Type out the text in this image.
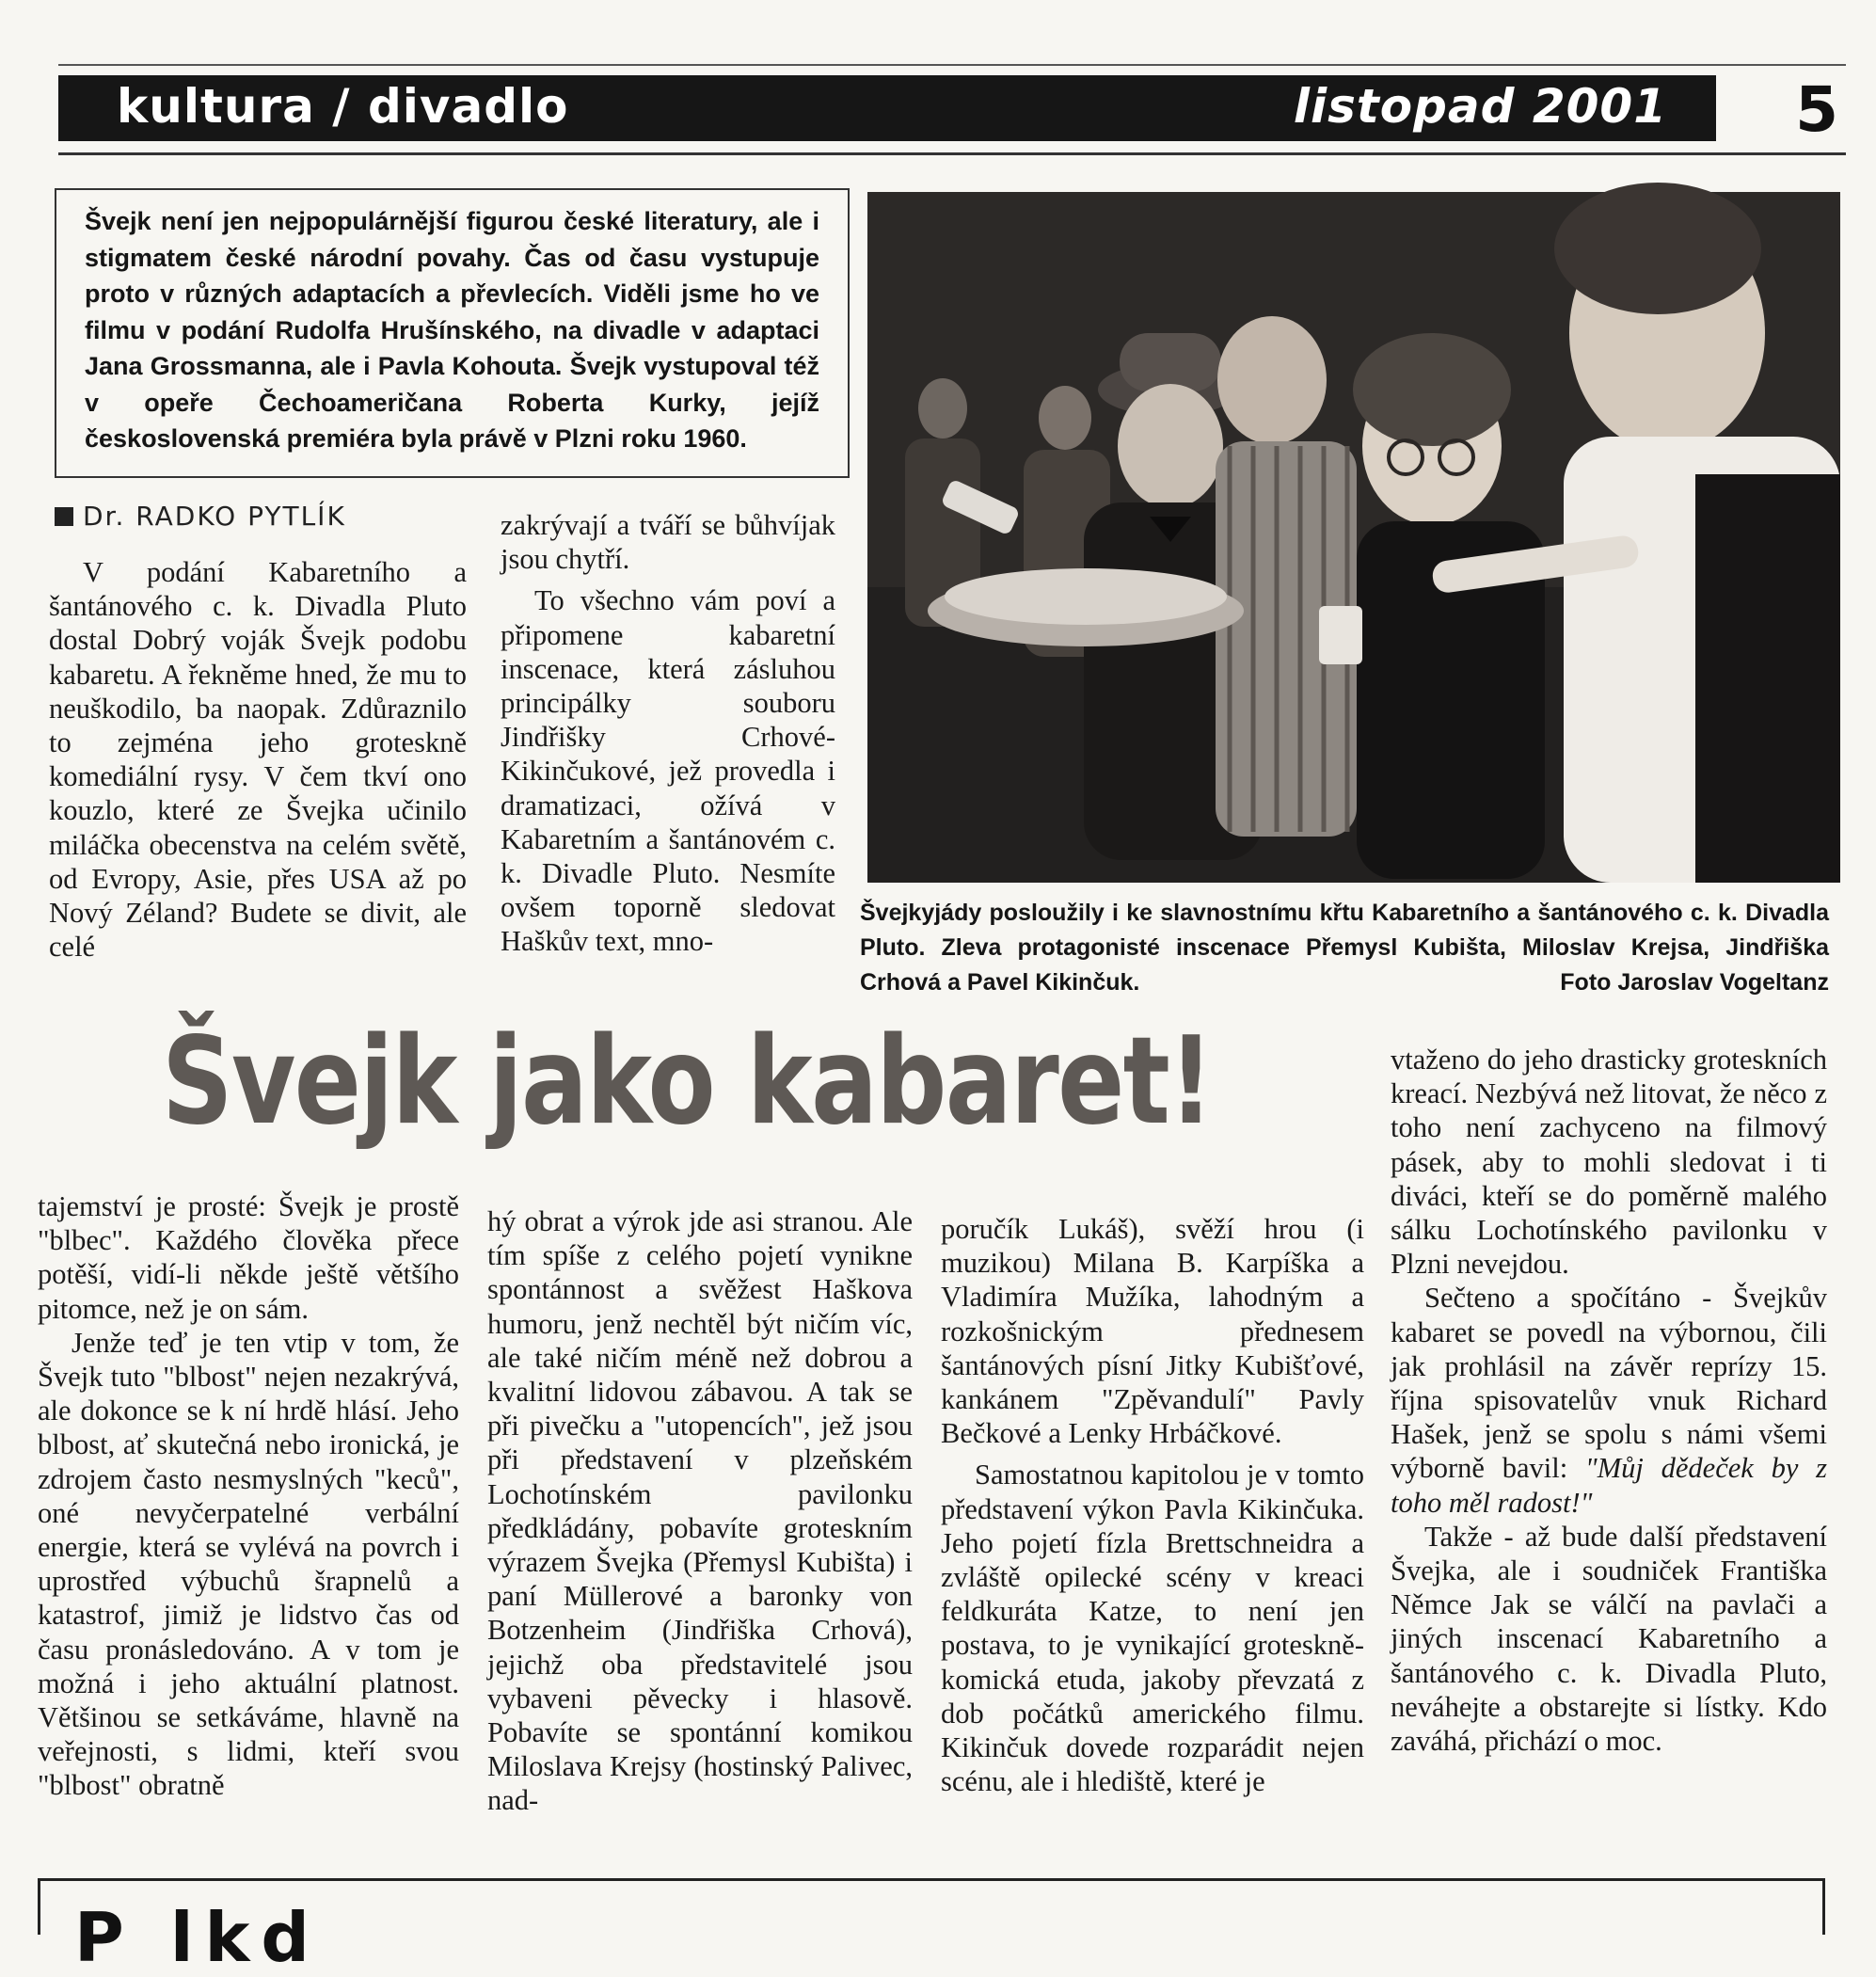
kultura / divadlo	listopad 2001 5
Švejk není jen nejpopulárnější figurou české literatury, ale i stigmatem české národní povahy. Čas od času vystupuje proto v různých adaptacích a převlecích. Viděli jsme ho ve filmu v podání Rudolfa Hrušínského, na divadle v adaptaci Jana Grossmanna, ale i Pavla Kohouta. Švejk vystupoval též v opeře Čechoameričana Roberta Kurky, jejíž československá premiéra byla právě v Plzni roku 1960.
Švejkyjády posloužily i ke slavnostnímu křtu Kabaretního a šantánového c. k. Divadla Pluto. Zleva protagonisté inscenace Přemysl Kubišta, Miloslav Krejsa, Jindřiška Crhová a Pavel Kikinčuk.	Foto Jaroslav Vogeltanz
Dr. RADKO PYTLÍK

V podání Kabaretního a šantánového c. k. Divadla Pluto dostal Dobrý voják Švejk podobu kabaretu. A řekněme hned, že mu to neuškodilo, ba naopak. Zdůraznilo to zejména jeho groteskně komediální rysy. V čem tkví ono kouzlo, které ze Švejka učinilo miláčka obecenstva na celém světě, od Evropy, Asie, přes USA až po Nový Zéland? Budete se divit, ale celé

zakrývají a tváří se bůhvíjak jsou chytří.

To všechno vám poví a připomene kabaretní inscenace, která zásluhou principálky souboru Jindřišky Crhové-Kikinčukové, jež provedla i dramatizaci, ožívá v Kabaretním a šantánovém c. k. Divadle Pluto. Nesmíte ovšem toporně sledovat Haškův text, mno-

Švejk jako kabaret!

tajemství je prosté: Švejk je prostě "blbec". Každého člověka přece potěší, vidí-li někde ještě většího pitomce, než je on sám.

Jenže teď je ten vtip v tom, že Švejk tuto "blbost" nejen nezakrývá, ale dokonce se k ní hrdě hlásí. Jeho blbost, ať skutečná nebo ironická, je zdrojem často nesmyslných "keců", oné nevyčerpatelné verbální energie, která se vylévá na povrch i uprostřed výbuchů šrapnelů a katastrof, jimiž je lidstvo čas od času pronásledováno. A v tom je možná i jeho aktuální platnost. Většinou se setkáváme, hlavně na veřejnosti, s lidmi, kteří svou "blbost" obratně

hý obrat a výrok jde asi stranou. Ale tím spíše z celého pojetí vynikne spontánnost a svěžest Haškova humoru, jenž nechtěl být ničím víc, ale také ničím méně než dobrou a kvalitní lidovou zábavou. A tak se při pivečku a "utopencích", jež jsou při představení v plzeňském Lochotínském pavilonku předkládány, pobavíte groteskním výrazem Švejka (Přemysl Kubišta) i paní Müllerové a baronky von Botzenheim (Jindřiška Crhová), jejichž oba představitelé jsou vybaveni pěvecky i hlasově. Pobavíte se spontánní komikou Miloslava Krejsy (hostinský Palivec, nad-

poručík Lukáš), svěží hrou (i muzikou) Milana B. Karpíška a Vladimíra Mužíka, lahodným a rozkošnickým přednesem šantánových písní Jitky Kubišťové, kankánem "Zpěvandulí" Pavly Bečkové a Lenky Hrbáčkové.

Samostatnou kapitolou je v tomto představení výkon Pavla Kikinčuka. Jeho pojetí fízla Brettschneidra a zvláště opilecké scény v kreaci feldkuráta Katze, to není jen postava, to je vynikající groteskně-komická etuda, jakoby převzatá z dob počátků amerického filmu. Kikinčuk dovede rozparádit nejen scénu, ale i hlediště, které je

vtaženo do jeho drasticky groteskních kreací. Nezbývá než litovat, že něco z toho není zachyceno na filmový pásek, aby to mohli sledovat i ti diváci, kteří se do poměrně malého sálku Lochotínského pavilonku v Plzni nevejdou.

Sečteno a spočítáno - Švejkův kabaret se povedl na výbornou, čili jak prohlásil na závěr reprízy 15. října spisovatelův vnuk Richard Hašek, jenž se spolu s námi všemi výborně bavil: "Můj dědeček by z toho měl radost!"

Takže - až bude další představení Švejka, ale i soudniček Františka Němce Jak se válčí na pavlači a jiných inscenací Kabaretního a šantánového c. k. Divadla Pluto, neváhejte a obstarejte si lístky. Kdo zaváhá, přichází o moc.

P lkd
